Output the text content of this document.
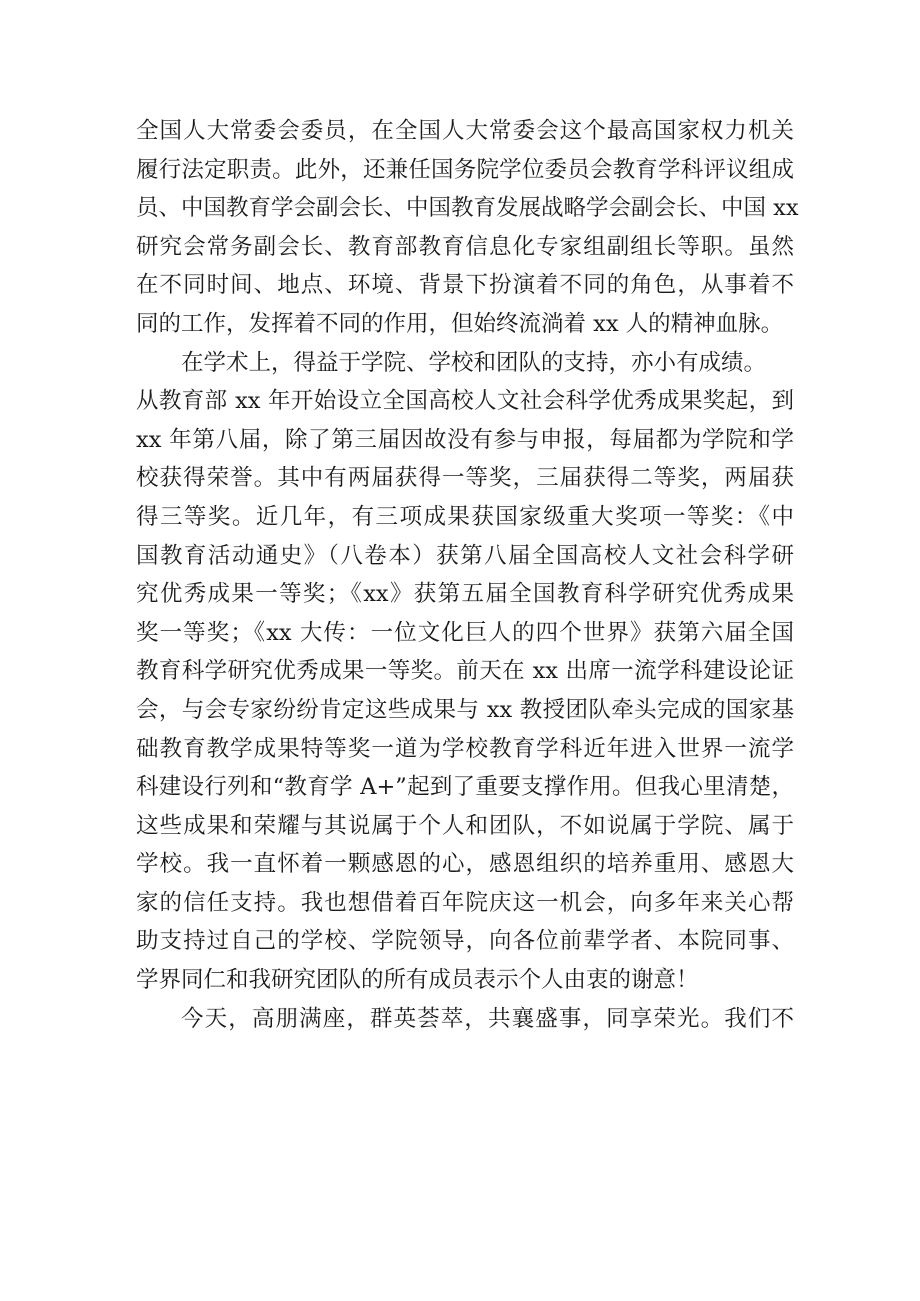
全国人大常委会委员，在全国人大常委会这个最高国家权力机关
履行法定职责。此外，还兼任国务院学位委员会教育学科评议组成
员、中国教育学会副会长、中国教育发展战略学会副会长、中国 xx
研究会常务副会长、教育部教育信息化专家组副组长等职。虽然
在不同时间、地点、环境、背景下扮演着不同的角色，从事着不
同的工作，发挥着不同的作用，但始终流淌着 xx 人的精神血脉。
在学术上，得益于学院、学校和团队的支持，亦小有成绩。
从教育部 xx 年开始设立全国高校人文社会科学优秀成果奖起，到
xx 年第八届，除了第三届因故没有参与申报，每届都为学院和学
校获得荣誉。其中有两届获得一等奖，三届获得二等奖，两届获
得三等奖。近几年，有三项成果获国家级重大奖项一等奖：《中
国教育活动通史》（八卷本）获第八届全国高校人文社会科学研
究优秀成果一等奖；《xx》获第五届全国教育科学研究优秀成果
奖一等奖；《xx 大传：一位文化巨人的四个世界》获第六届全国
教育科学研究优秀成果一等奖。前天在 xx 出席一流学科建设论证
会，与会专家纷纷肯定这些成果与 xx 教授团队牵头完成的国家基
础教育教学成果特等奖一道为学校教育学科近年进入世界一流学
科建设行列和“教育学 A+”起到了重要支撑作用。但我心里清楚，
这些成果和荣耀与其说属于个人和团队，不如说属于学院、属于
学校。我一直怀着一颗感恩的心，感恩组织的培养重用、感恩大
家的信任支持。我也想借着百年院庆这一机会，向多年来关心帮
助支持过自己的学校、学院领导，向各位前辈学者、本院同事、
学界同仁和我研究团队的所有成员表示个人由衷的谢意！
今天，高朋满座，群英荟萃，共襄盛事，同享荣光。我们不
